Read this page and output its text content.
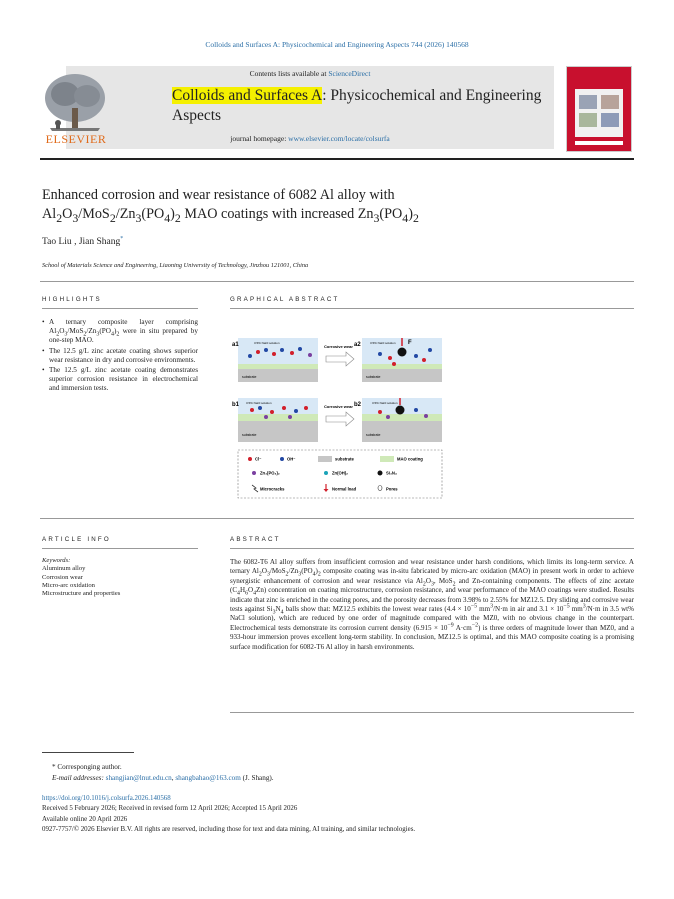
Colloids and Surfaces A: Physicochemical and Engineering Aspects 744 (2026) 140568
Contents lists available at ScienceDirect
Colloids and Surfaces A: Physicochemical and Engineering Aspects
journal homepage: www.elsevier.com/locate/colsurfa
ELSEVIER
Enhanced corrosion and wear resistance of 6082 Al alloy with
$Al_2O_3/MoS_2/Zn_3(PO_4)_2$ MAO coatings with increased $Zn_3(PO_4)_2$
Tao Liu , Jian Shang*
School of Materials Science and Engineering, Liaoning University of Technology, Jinzhou 121001, China
HIGHLIGHTS	GRAPHICAL ABSTRACT
• A ternary composite layer comprising $Al_2O_3/MoS_2/Zn_3(PO_4)_2$ were in situ prepared by one-step MAO.
• The 12.5 g/L zinc acetate coating shows superior wear resistance in dry and corrosive environments.
• The 12.5 g/L zinc acetate coating demonstrates superior corrosion resistance in electrochemical and immersion tests.
a1	3.5% NaCl solution
substrate
Corrosive wear a2	3.5% NaCl solution
substrate
F
b1 3.5% NaCl solution
substrate
Corrosive wear b2	3.5% NaCl solution
substrate
Cl⁻	OH⁻	substrate	MAO coating
Zn₃(PO₄)₂	Zn(OH)₂	Si₃N₄
Microcracks	Normal load	Pores
ARTICLE INFO	ABSTRACT
Keywords:
Aluminum alloy
Corrosion wear
Micro-arc oxidation
Microstructure and properties
The 6082-T6 Al alloy suffers from insufficient corrosion and wear resistance under harsh conditions, which limits its long-term service. A ternary $Al_2O_3/MoS_2/Zn_3(PO_4)_2$ composite coating was in-situ fabricated by micro-arc oxidation (MAO) in present work in order to achieve synergistic enhancement of corrosion and wear resistance via $Al_2O_3$, MoS$_2$ and Zn-containing components. The effects of zinc acetate $(C_4H_6O_4Zn)$ concentration on coating microstructure, corrosion resistance, and wear performance of the MAO coatings were studied. Results indicate that zinc is enriched in the coating pores, and the porosity decreases from 3.98% to 2.55% for MZ12.5. Dry sliding and corrosive wear tests against $Si_3N_4$ balls show that: MZ12.5 exhibits the lowest wear rates ($4.4 \times 10^{-5}$ $mm^3/N\cdot m$ in air and $3.1 \times 10^{-5}$ $mm^3/N\cdot m$ in 3.5 wt% NaCl solution), which are reduced by one order of magnitude compared with the MZ0, with no obvious change in the counterpart. Electrochemical tests demonstrate its corrosion current density ($6.915 \times 10^{-9}$ $A\cdot cm^{-2}$) is three orders of magnitude lower than MZ0, and a 933-hour immersion proves excellent long-term stability. In conclusion, MZ12.5 is optimal, and this MAO composite coating is a promising surface modification for 6082-T6 Al alloy in harsh environments.
* Corresponging author.
E-mail addresses: shangjian@lnut.edu.cn, shangbahao@163.com (J. Shang).
https://doi.org/10.1016/j.colsurfa.2026.140568
Received 5 February 2026; Received in revised form 12 April 2026; Accepted 15 April 2026
Available online 20 April 2026
0927-7757/© 2026 Elsevier B.V. All rights are reserved, including those for text and data mining, AI training, and similar technologies.
